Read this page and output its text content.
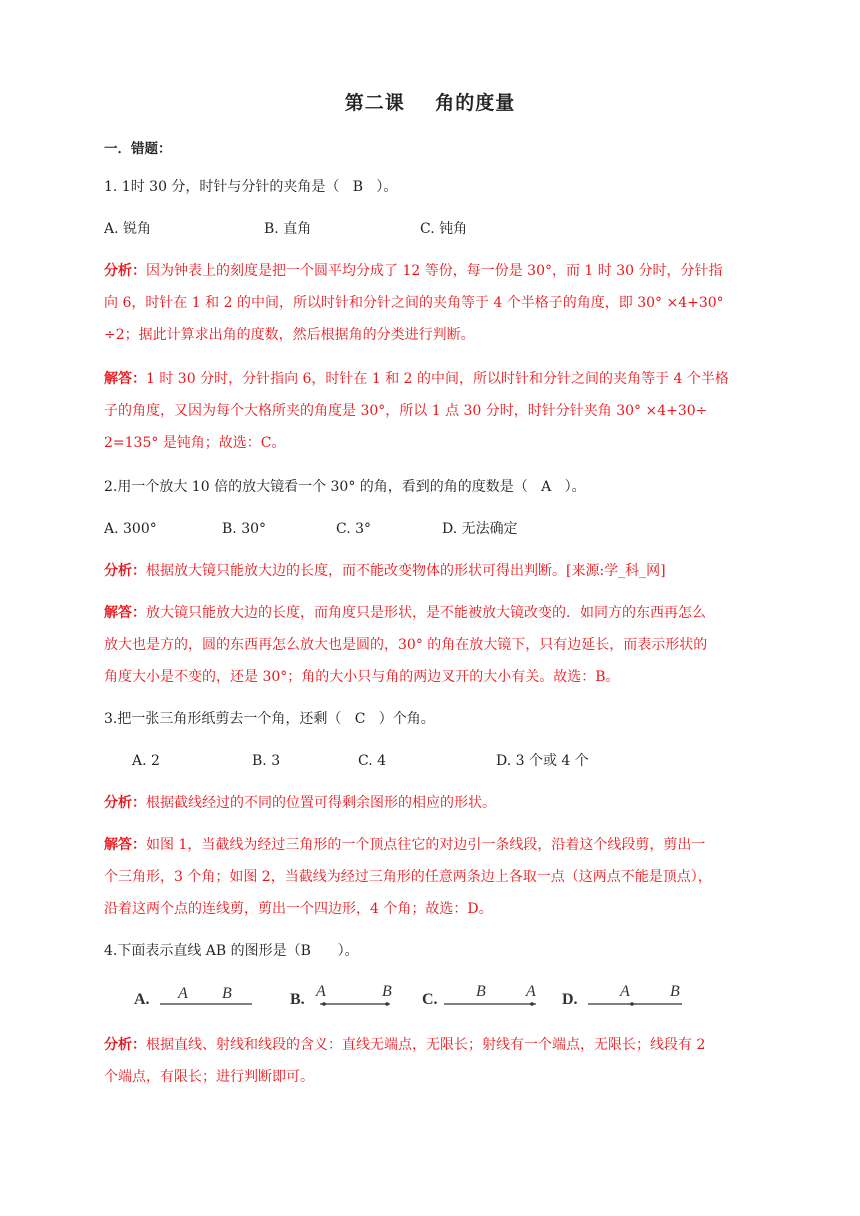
第二课    角的度量
一．错题：
1. 1时 30 分，时针与分针的夹角是（   B   ）。
A. 锐角	B. 直角	C. 钝角
分析：因为钟表上的刻度是把一个圆平均分成了 12 等份，每一份是 30°，而 1 时 30 分时，分针指
向 6，时针在 1 和 2 的中间，所以时针和分针之间的夹角等于 4 个半格子的角度，即 30° ×4+30°
÷2；据此计算求出角的度数，然后根据角的分类进行判断。
解答：1 时 30 分时，分针指向 6，时针在 1 和 2 的中间，所以时针和分针之间的夹角等于 4 个半格
子的角度，又因为每个大格所夹的角度是 30°，所以 1 点 30 分时，时针分针夹角 30° ×4+30÷
2=135° 是钝角；故选：C。
2.用一个放大 10 倍的放大镜看一个 30° 的角，看到的角的度数是（   A   ）。
A. 300°	B. 30°	C. 3°	D. 无法确定
分析：根据放大镜只能放大边的长度，而不能改变物体的形状可得出判断。[来源:学_科_网]
解答：放大镜只能放大边的长度，而角度只是形状，是不能被放大镜改变的．如同方的东西再怎么
放大也是方的，圆的东西再怎么放大也是圆的，30° 的角在放大镜下，只有边延长，而表示形状的
角度大小是不变的，还是 30°；角的大小只与角的两边叉开的大小有关。故选：B。
3.把一张三角形纸剪去一个角，还剩（   C   ）个角。
A. 2	B. 3	C. 4	D. 3 个或 4 个
分析：根据截线经过的不同的位置可得剩余图形的相应的形状。
解答：如图 1，当截线为经过三角形的一个顶点往它的对边引一条线段，沿着这个线段剪，剪出一
个三角形，3 个角；如图 2，当截线为经过三角形的任意两条边上各取一点（这两点不能是顶点），
沿着这两个点的连线剪，剪出一个四边形，4 个角；故选：D。
4.下面表示直线 AB 的图形是（B      ）。
A. A B	B. A	B C. B	A D.	A	B
分析：根据直线、射线和线段的含义：直线无端点，无限长；射线有一个端点，无限长；线段有 2
个端点，有限长；进行判断即可。
